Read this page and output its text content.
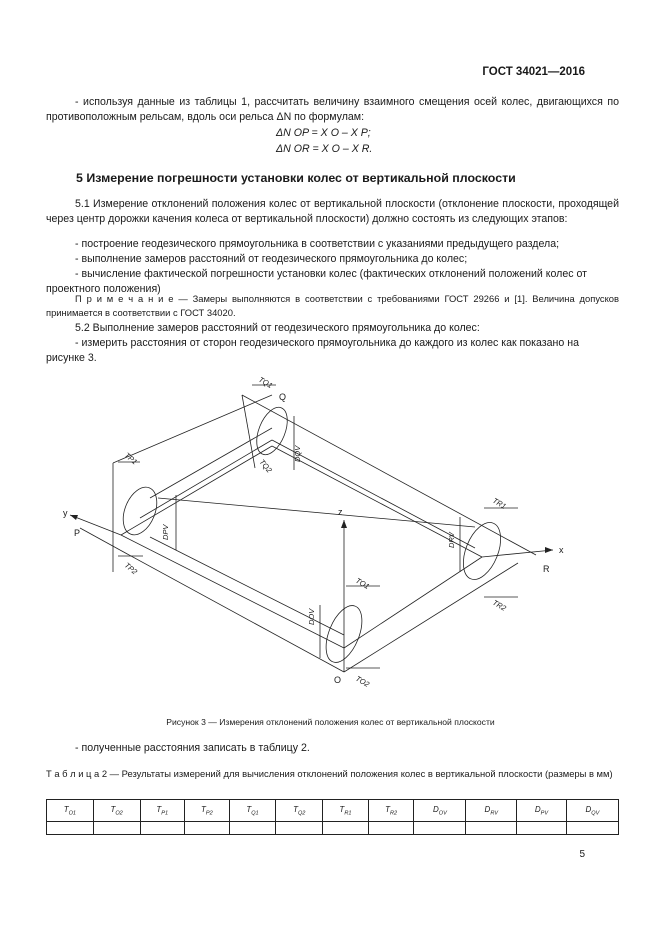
ГОСТ 34021—2016
- используя данные из таблицы 1, рассчитать величину взаимного смещения осей колес, двигающихся по противоположным рельсам, вдоль оси рельса ΔN по формулам:
ΔN OP = X O – X P;
ΔN OR = X O – X R.
5 Измерение погрешности установки колес от вертикальной плоскости
5.1 Измерение отклонений положения колес от вертикальной плоскости (отклонение плоскости, проходящей через центр дорожки качения колеса от вертикальной плоскости) должно состоять из следующих этапов:
- построение геодезического прямоугольника в соответствии с указаниями предыдущего раздела;
- выполнение замеров расстояний от геодезического прямоугольника до колес;
- вычисление фактической погрешности установки колес (фактических отклонений положений колес от проектного положения)
П р и м е ч а н и е — Замеры выполняются в соответствии с требованиями ГОСТ 29266 и [1]. Величина допусков принимается в соответствии с ГОСТ 34020.
5.2 Выполнение замеров расстояний от геодезического прямоугольника до колес:
- измерить расстояния от сторон геодезического прямоугольника до каждого из колес как показано на рисунке 3.
y
P
Q
R
x
z
O
TQ1
TQ2
DQV
TP1
TP2
DPV
TR1
TR2
DRV
TO1
TO2
DOV
Рисунок 3 — Измерения отклонений положения колес от вертикальной плоскости
- полученные расстояния записать в таблицу 2.
Т а б л и ц а 2 — Результаты измерений для вычисления отклонений положения колес в вертикальной плоскости (размеры в мм)
$T_{O1}$	$T_{O2}$	$T_{P1}$	$T_{P2}$	$T_{Q1}$	$T_{Q2}$	$T_{R1}$	$T_{R2}$	$D_{OV}$	$D_{RV}$	$D_{PV}$	$D_{QV}$

5
